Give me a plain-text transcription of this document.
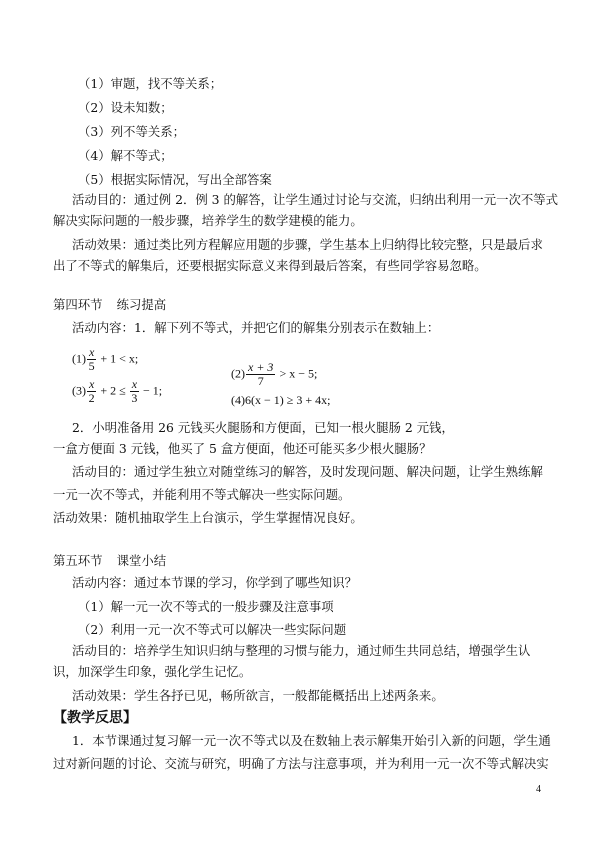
（1）审题，找不等关系；
（2）设未知数；
（3）列不等关系；
（4）解不等式；
（5）根据实际情况，写出全部答案
活动目的：通过例 2．例 3 的解答，让学生通过讨论与交流，归纳出利用一元一次不等式
解决实际问题的一般步骤，培养学生的数学建模的能力。
活动效果：通过类比列方程解应用题的步骤，学生基本上归纳得比较完整，只是最后求
出了不等式的解集后，还要根据实际意义来得到最后答案，有些同学容易忽略。
第四环节 练习提高
活动内容：1．解下列不等式，并把它们的解集分别表示在数轴上：
$(1) \frac{x}{5} + 1 < x$;
$(2) \frac{x + 3}{7} > x - 5$;
$(3) \frac{x}{2} + 2 \le \frac{x}{3} - 1$;
(4)6(x − 1) ≥ 3 + 4x;
2．小明准备用 26 元钱买火腿肠和方便面，已知一根火腿肠 2 元钱，
一盒方便面 3 元钱，他买了 5 盒方便面，他还可能买多少根火腿肠？
活动目的：通过学生独立对随堂练习的解答，及时发现问题、解决问题，让学生熟练解
一元一次不等式，并能利用不等式解决一些实际问题。
活动效果：随机抽取学生上台演示，学生掌握情况良好。
第五环节 课堂小结
活动内容：通过本节课的学习，你学到了哪些知识？
（1）解一元一次不等式的一般步骤及注意事项
（2）利用一元一次不等式可以解决一些实际问题
活动目的：培养学生知识归纳与整理的习惯与能力，通过师生共同总结，增强学生认
识，加深学生印象，强化学生记忆。
活动效果：学生各抒已见，畅所欲言，一般都能概括出上述两条来。
【教学反思】
1．本节课通过复习解一元一次不等式以及在数轴上表示解集开始引入新的问题，学生通
过对新问题的讨论、交流与研究，明确了方法与注意事项，并为利用一元一次不等式解决实
4
